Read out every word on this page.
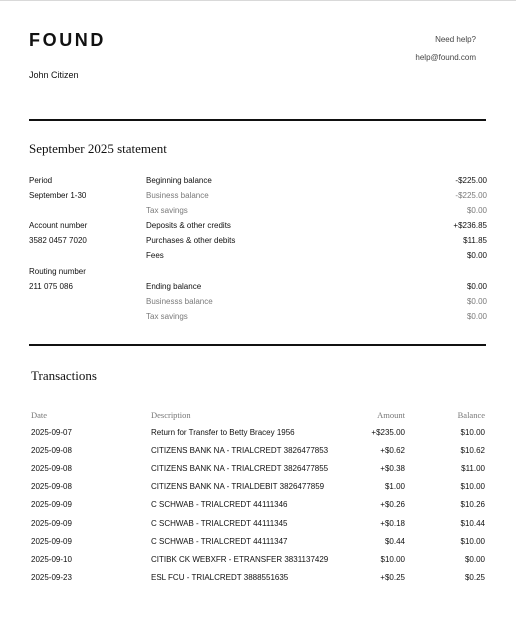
FOUND	Need help?
help@found.com
John Citizen
September 2025 statement
Period
September 1-30
Account number
3582 0457 7020
Routing number
211 075 086
Beginning balance	-$225.00
Business balance	-$225.00
Tax savings	$0.00
Deposits & other credits	+$236.85
Purchases & other debits	$11.85
Fees	$0.00
Ending balance	$0.00
Businesss balance	$0.00
Tax savings	$0.00
Transactions
Date	Description	Amount	Balance
2025-09-07	Return for Transfer to Betty Bracey 1956	+$235.00	$10.00
2025-09-08	CITIZENS BANK NA - TRIALCREDT 3826477853	+$0.62	$10.62
2025-09-08	CITIZENS BANK NA - TRIALCREDT 3826477855	+$0.38	$11.00
2025-09-08	CITIZENS BANK NA - TRIALDEBIT 3826477859	$1.00	$10.00
2025-09-09	C SCHWAB - TRIALCREDT 44111346	+$0.26	$10.26
2025-09-09	C SCHWAB - TRIALCREDT 44111345	+$0.18	$10.44
2025-09-09	C SCHWAB - TRIALCREDT 44111347	$0.44	$10.00
2025-09-10	CITIBK CK WEBXFR - ETRANSFER 3831137429	$10.00	$0.00
2025-09-23	ESL FCU - TRIALCREDT 3888551635	+$0.25	$0.25
